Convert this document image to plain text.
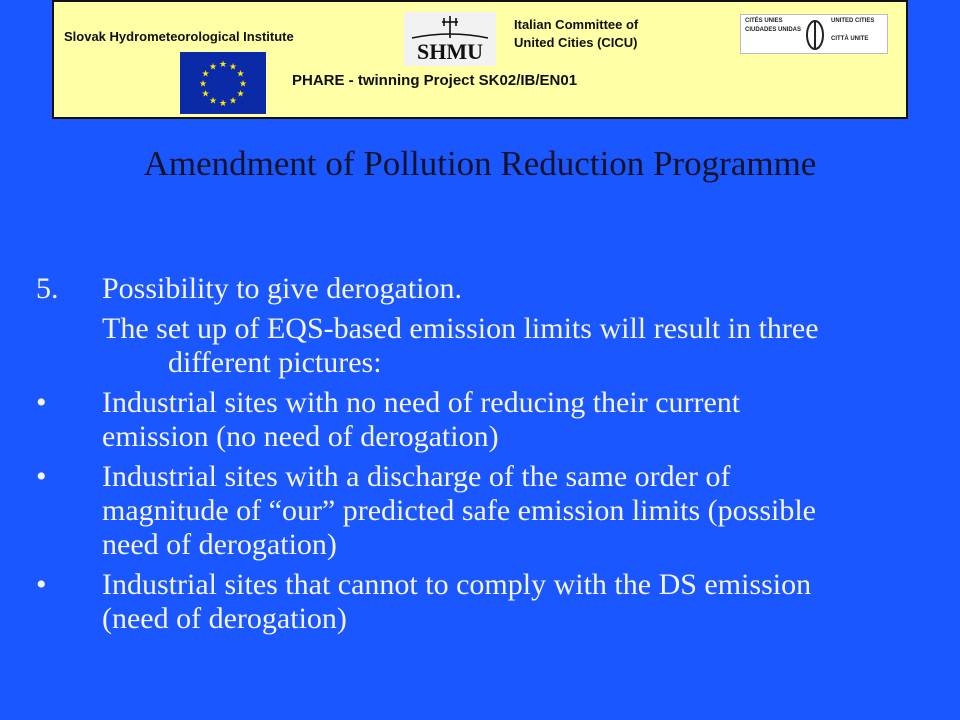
Slovak Hydrometeorological Institute
SHMU
Italian Committee of
United Cities (CICU)
CITÉS UNIES
CIUDADES UNIDAS
UNITED CITIES
CITTÀ UNITE
★ ★
★
★
★
★
★
★
★
★
★
★
PHARE - twinning Project SK02/IB/EN01
Amendment of Pollution Reduction Programme
5.	Possibility to give derogation.
The set up of EQS-based emission limits will result in three different pictures:
•	Industrial sites with no need of reducing their current emission (no need of derogation)
•	Industrial sites with a discharge of the same order of magnitude of “our” predicted safe emission limits (possible need of derogation)
•	Industrial sites that cannot to comply with the DS emission (need of derogation)
